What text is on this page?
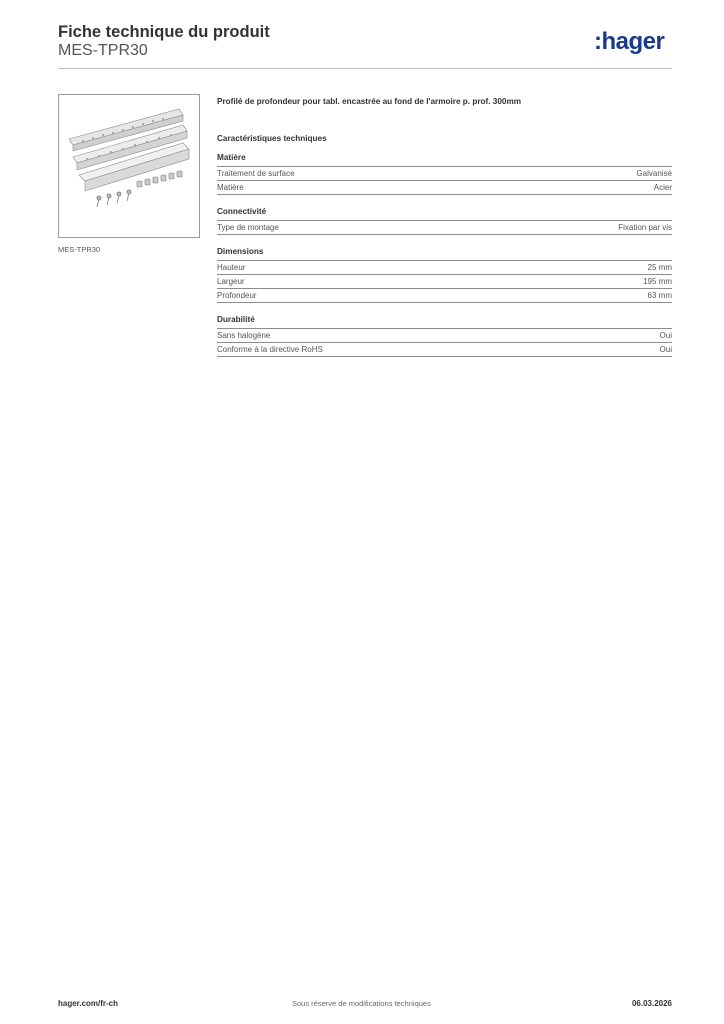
Fiche technique du produit
MES-TPR30	:hager
MES-TPR30

Profilé de profondeur pour tabl. encastrée au fond de l'armoire p. prof. 300mm

Caractéristiques techniques

Matière
Traitement de surface	Galvanisé
Matière	Acier
Connectivité
Type de montage	Fixation par vis
Dimensions
Hauteur	25 mm
Largeur	195 mm
Profondeur	63 mm
Durabilité
Sans halogène	Oui
Conforme à la directive RoHS	Oui
hager.com/fr-ch	Sous réserve de modifications techniques	06.03.2026
